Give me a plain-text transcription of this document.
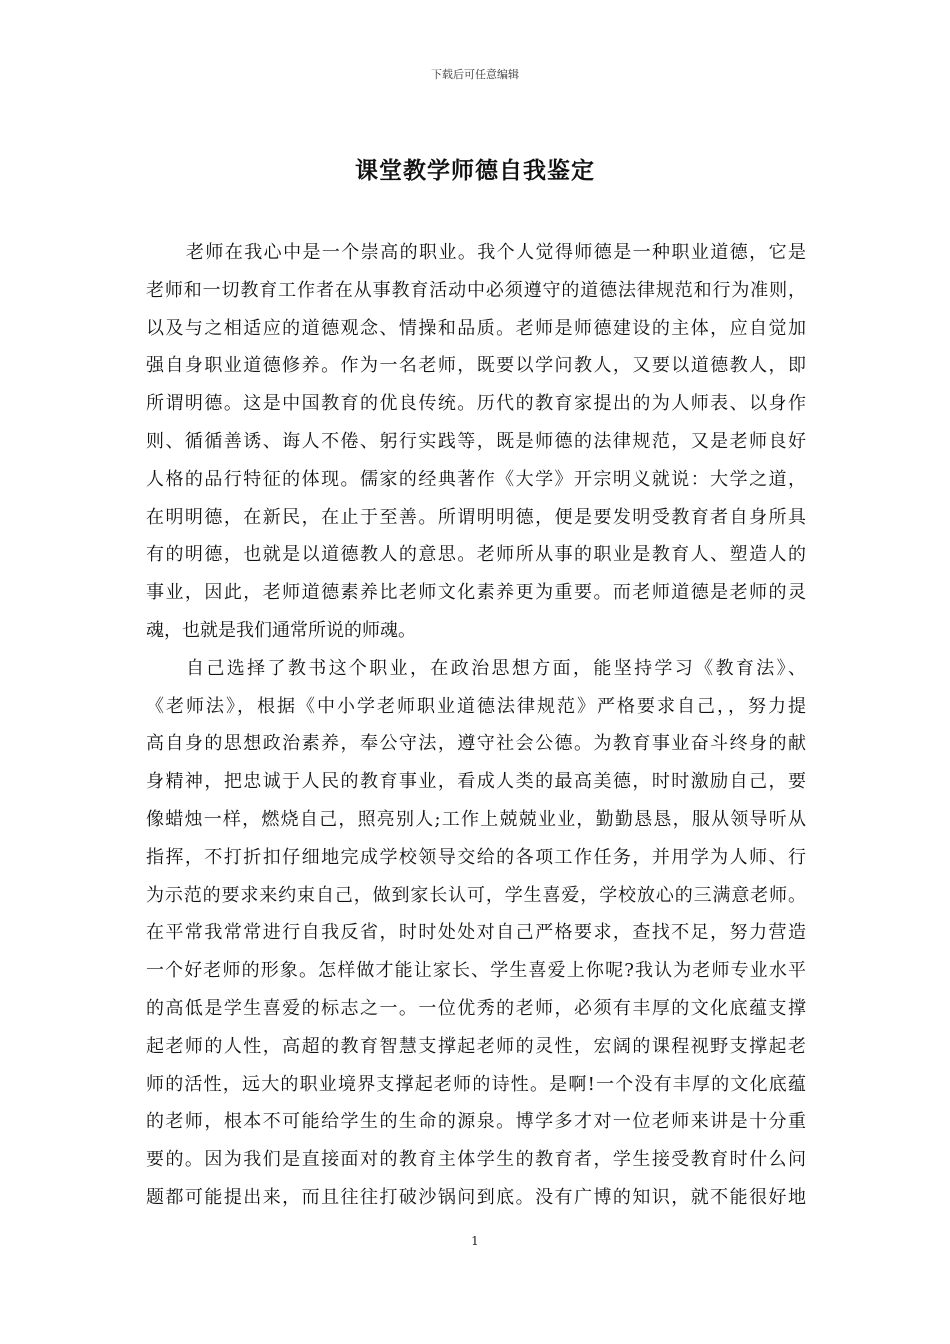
下载后可任意编辑
课堂教学师德自我鉴定
老师在我心中是一个崇高的职业。我个人觉得师德是一种职业道德，它是
老师和一切教育工作者在从事教育活动中必须遵守的道德法律规范和行为准则，
以及与之相适应的道德观念、情操和品质。老师是师德建设的主体，应自觉加
强自身职业道德修养。作为一名老师，既要以学问教人，又要以道德教人，即
所谓明德。这是中国教育的优良传统。历代的教育家提出的为人师表、以身作
则、循循善诱、诲人不倦、躬行实践等，既是师德的法律规范，又是老师良好
人格的品行特征的体现。儒家的经典著作《大学》开宗明义就说：大学之道，
在明明德，在新民，在止于至善。所谓明明德，便是要发明受教育者自身所具
有的明德，也就是以道德教人的意思。老师所从事的职业是教育人、塑造人的
事业，因此，老师道德素养比老师文化素养更为重要。而老师道德是老师的灵
魂，也就是我们通常所说的师魂。
自己选择了教书这个职业，在政治思想方面，能坚持学习《教育法》、
《老师法》，根据《中小学老师职业道德法律规范》严格要求自己，，努力提
高自身的思想政治素养，奉公守法，遵守社会公德。为教育事业奋斗终身的献
身精神，把忠诚于人民的教育事业，看成人类的最高美德，时时激励自己，要
像蜡烛一样，燃烧自己，照亮别人;工作上兢兢业业，勤勤恳恳，服从领导听从
指挥，不打折扣仔细地完成学校领导交给的各项工作任务，并用学为人师、行
为示范的要求来约束自己，做到家长认可，学生喜爱，学校放心的三满意老师。
在平常我常常进行自我反省，时时处处对自己严格要求，查找不足，努力营造
一个好老师的形象。怎样做才能让家长、学生喜爱上你呢?我认为老师专业水平
的高低是学生喜爱的标志之一。一位优秀的老师，必须有丰厚的文化底蕴支撑
起老师的人性，高超的教育智慧支撑起老师的灵性，宏阔的课程视野支撑起老
师的活性，远大的职业境界支撑起老师的诗性。是啊!一个没有丰厚的文化底蕴
的老师，根本不可能给学生的生命的源泉。博学多才对一位老师来讲是十分重
要的。因为我们是直接面对的教育主体学生的教育者，学生接受教育时什么问
题都可能提出来，而且往往打破沙锅问到底。没有广博的知识，就不能很好地
1
